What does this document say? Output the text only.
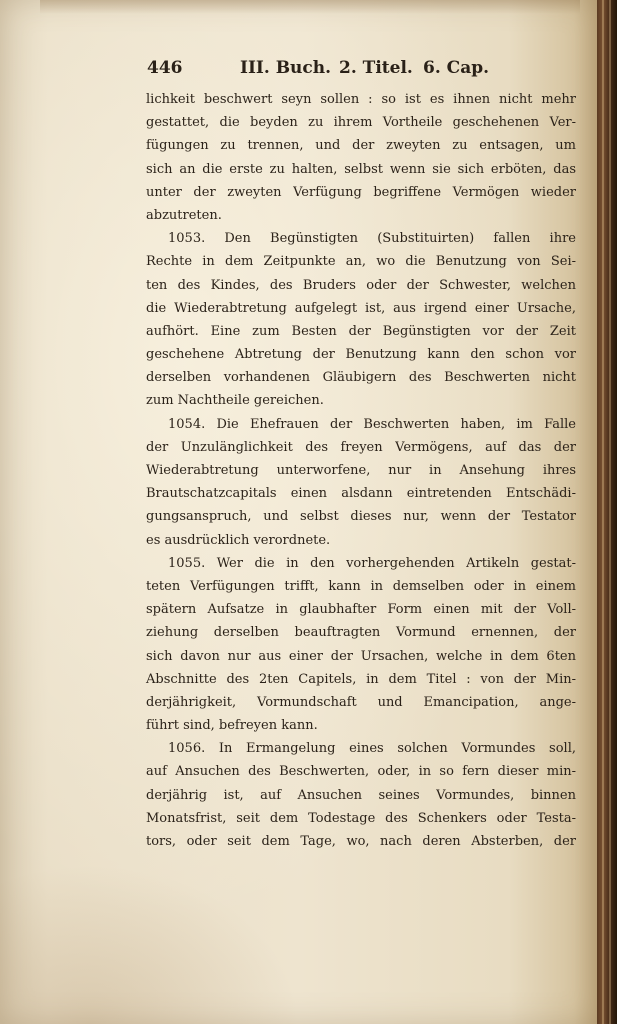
446	III. Buch. 2. Titel. 6. Cap.
lichkeit beschwert seyn sollen : so ist es ihnen nicht mehr
gestattet, die beyden zu ihrem Vortheile geschehenen Ver-
fügungen zu trennen, und der zweyten zu entsagen, um
sich an die erste zu halten, selbst wenn sie sich erböten, das
unter der zweyten Verfügung begriffene Vermögen wieder
abzutreten.
1053. Den Begünstigten (Substituirten) fallen ihre
Rechte in dem Zeitpunkte an, wo die Benutzung von Sei-
ten des Kindes, des Bruders oder der Schwester, welchen
die Wiederabtretung aufgelegt ist, aus irgend einer Ursache,
aufhört. Eine zum Besten der Begünstigten vor der Zeit
geschehene Abtretung der Benutzung kann den schon vor
derselben vorhandenen Gläubigern des Beschwerten nicht
zum Nachtheile gereichen.
1054. Die Ehefrauen der Beschwerten haben, im Falle
der Unzulänglichkeit des freyen Vermögens, auf das der
Wiederabtretung unterworfene, nur in Ansehung ihres
Brautschatzcapitals einen alsdann eintretenden Entschädi-
gungsanspruch, und selbst dieses nur, wenn der Testator
es ausdrücklich verordnete.
1055. Wer die in den vorhergehenden Artikeln gestat-
teten Verfügungen trifft, kann in demselben oder in einem
spätern Aufsatze in glaubhafter Form einen mit der Voll-
ziehung derselben beauftragten Vormund ernennen, der
sich davon nur aus einer der Ursachen, welche in dem 6ten
Abschnitte des 2ten Capitels, in dem Titel : von der Min-
derjährigkeit, Vormundschaft und Emancipation, ange-
führt sind, befreyen kann.
1056. In Ermangelung eines solchen Vormundes soll,
auf Ansuchen des Beschwerten, oder, in so fern dieser min-
derjährig ist, auf Ansuchen seines Vormundes, binnen
Monatsfrist, seit dem Todestage des Schenkers oder Testa-
tors, oder seit dem Tage, wo, nach deren Absterben, der
